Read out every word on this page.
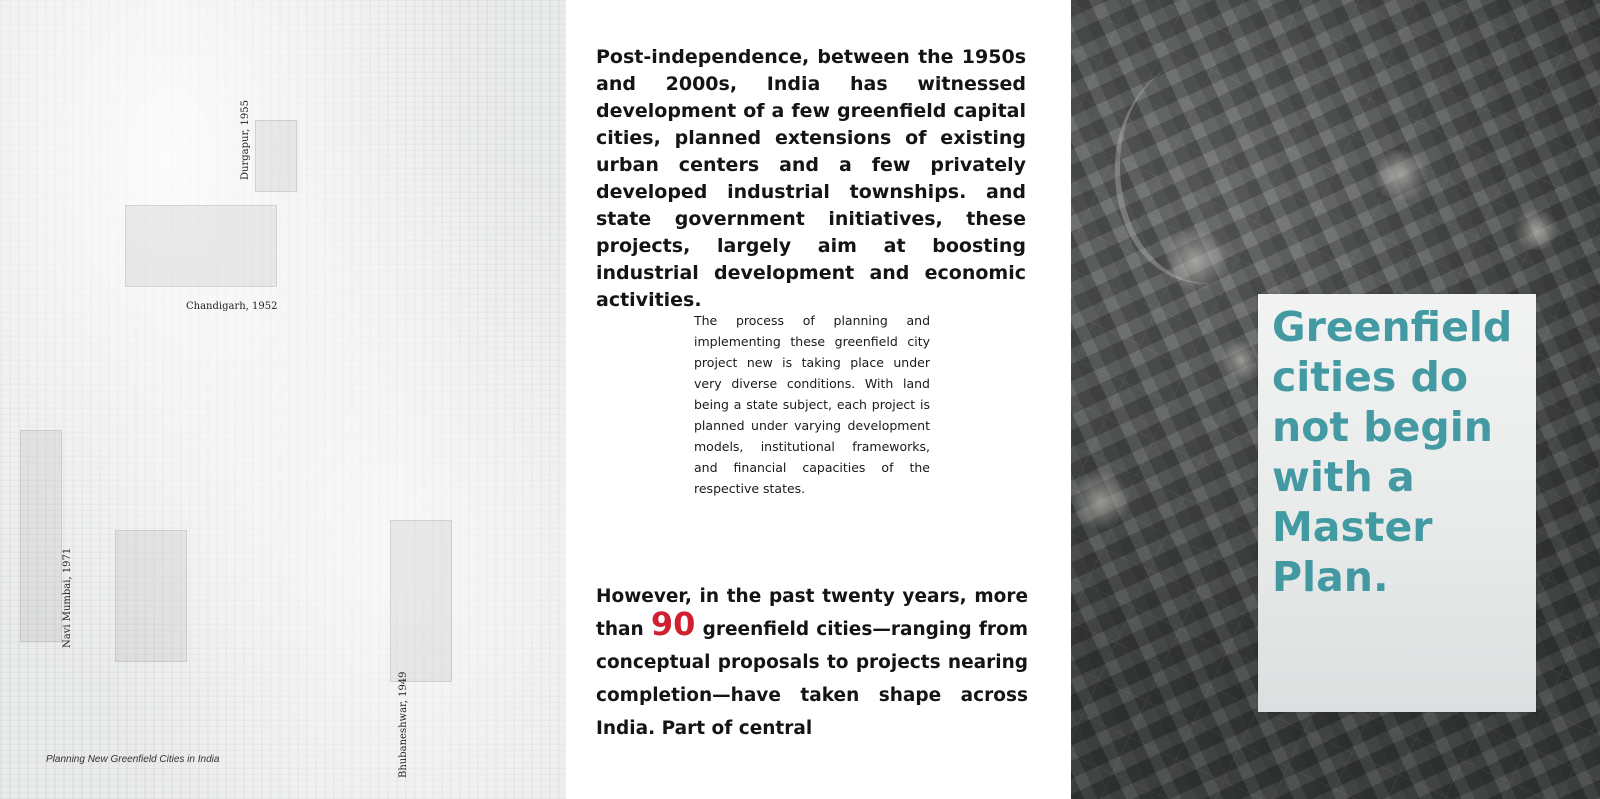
Durgapur, 1955
Chandigarh, 1952
Navi Mumbai, 1971
Bhubaneshwar, 1949
Planning New Greenfield Cities in India

Post-independence, between the 1950s and 2000s, India has witnessed development of a few greenfield capital cities, planned extensions of existing urban centers and a few privately developed industrial townships. and state government initiatives, these projects, largely aim at boosting industrial development and economic activities.

The process of planning and implementing these greenfield city project new is taking place under very diverse conditions. With land being a state subject, each project is planned under varying development models, institutional frameworks, and financial capacities of the respective states.

However, in the past twenty years, more than 90 greenfield cities—ranging from conceptual proposals to projects nearing completion—have taken shape across India. Part of central

Greenfield cities do not begin with a Master Plan.
